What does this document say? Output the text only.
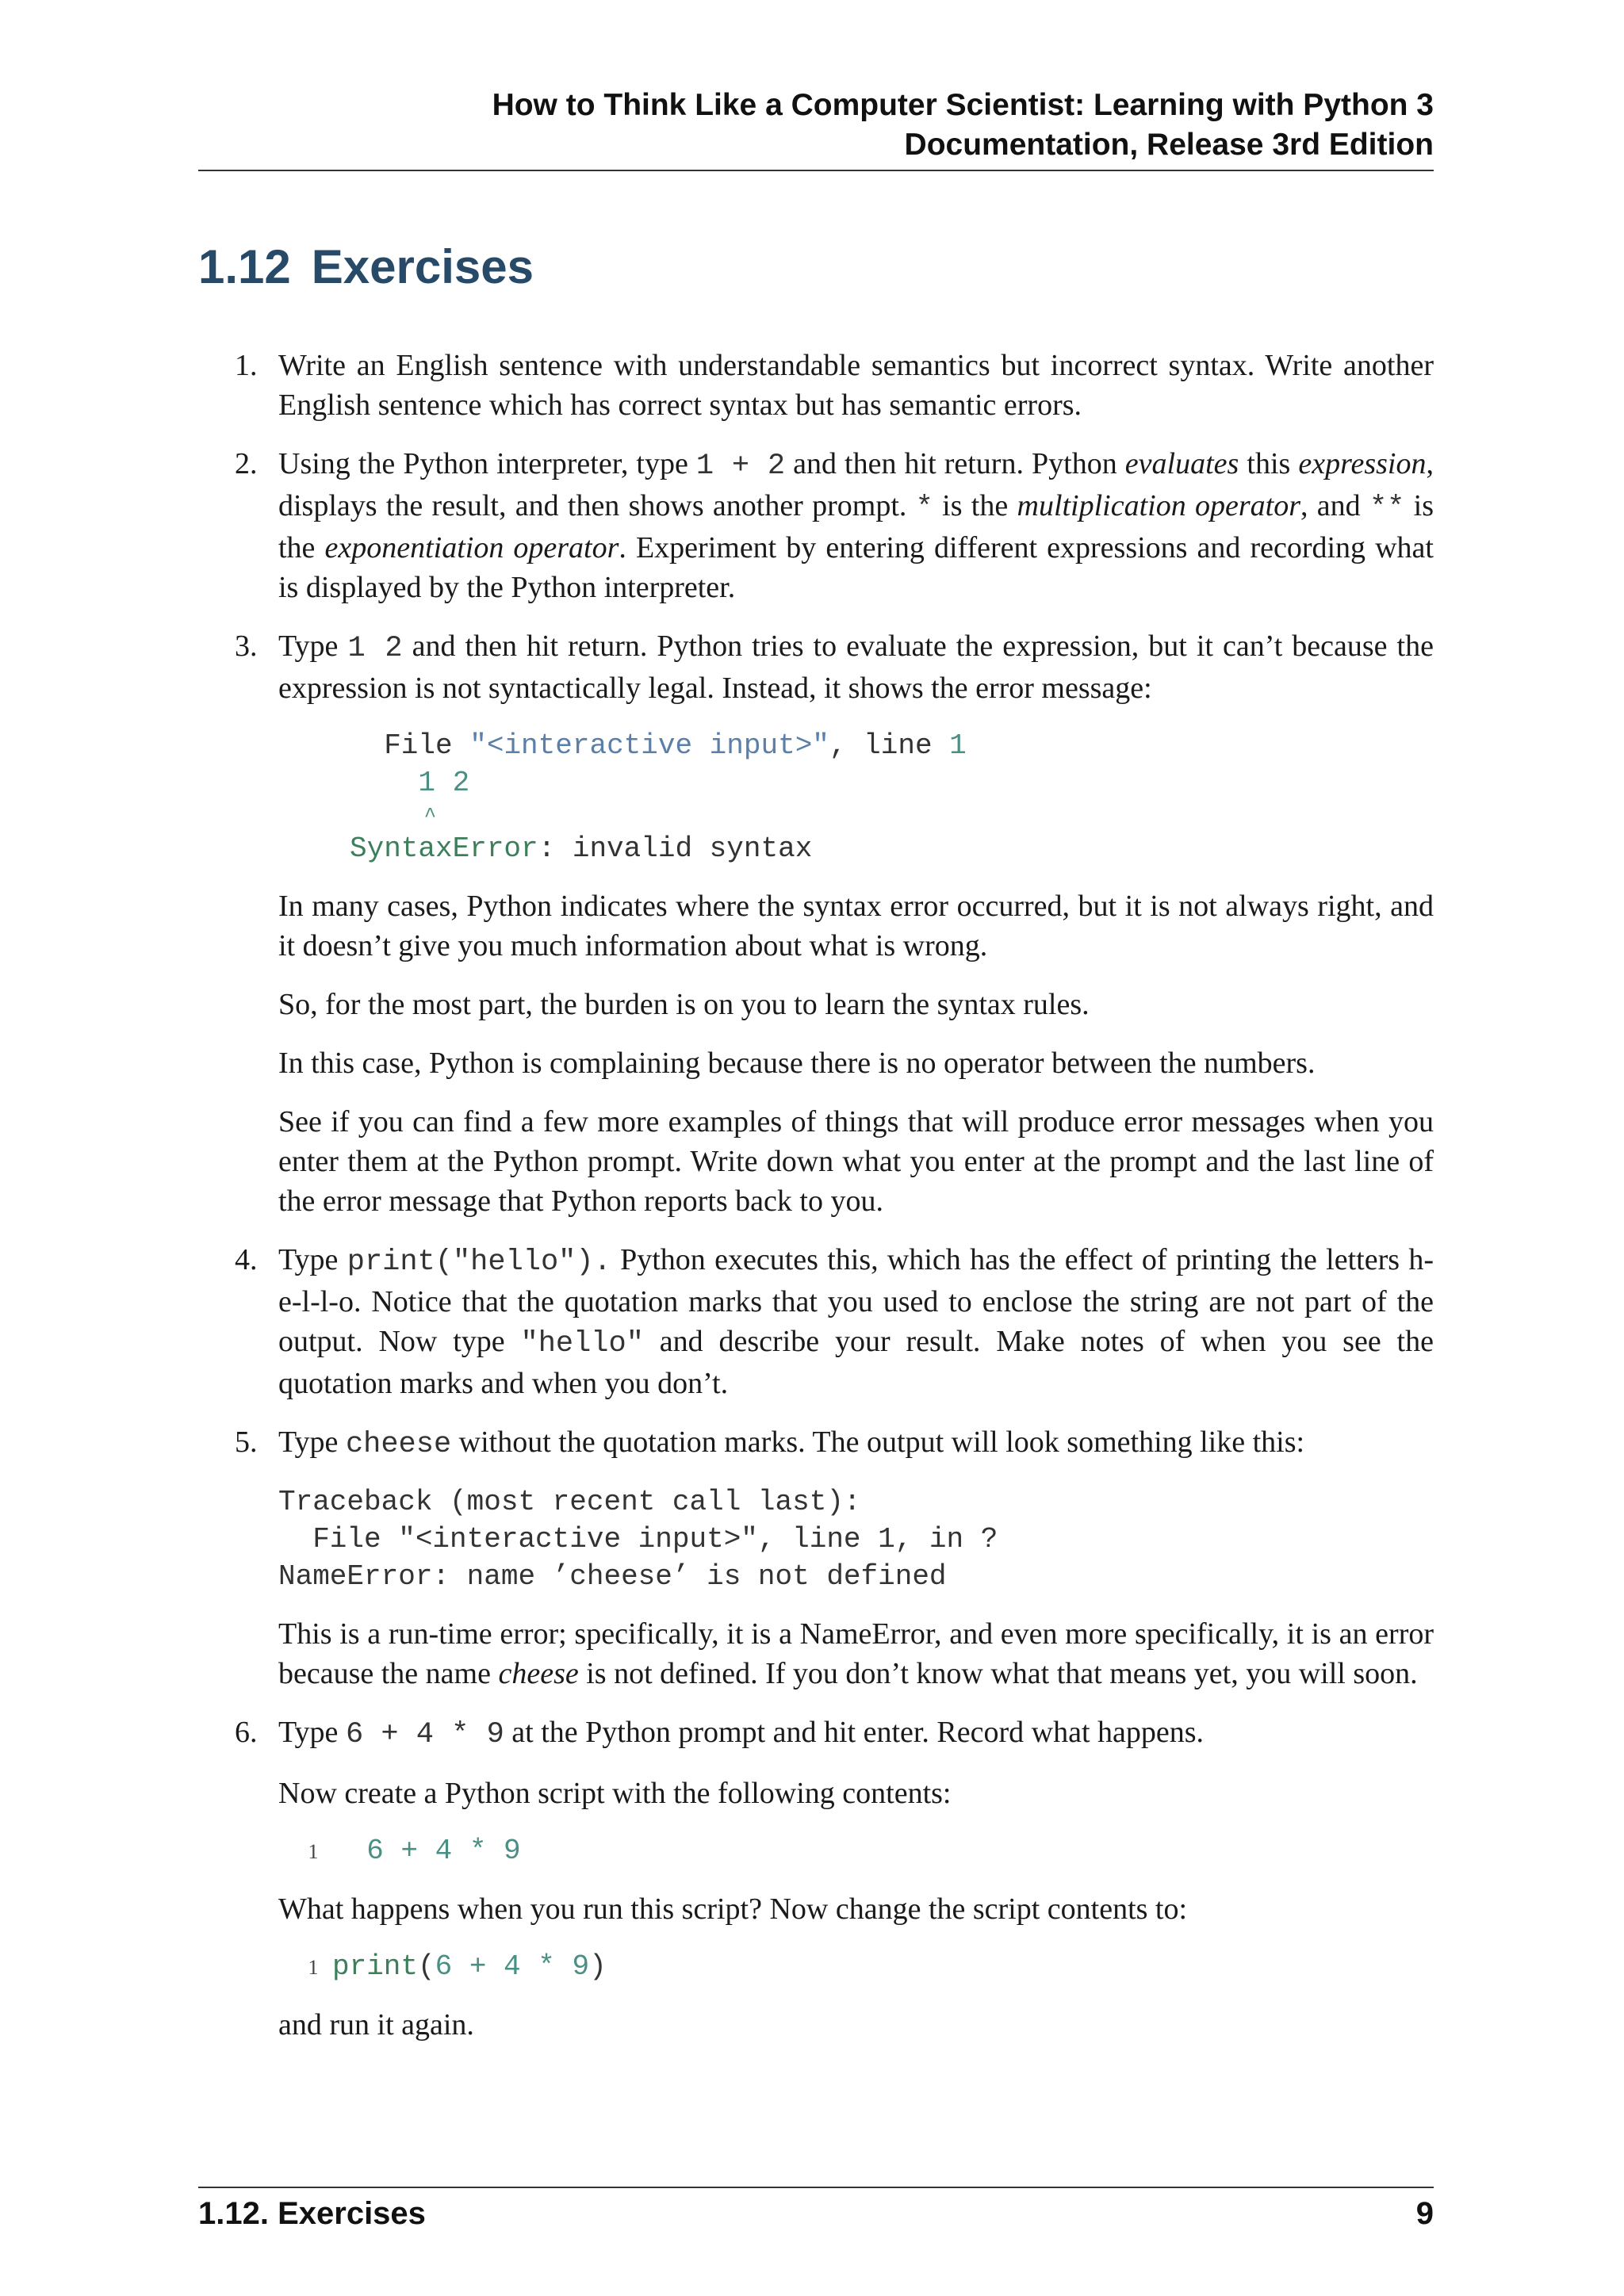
How to Think Like a Computer Scientist: Learning with Python 3
Documentation, Release 3rd Edition
1.12 Exercises
1. Write an English sentence with understandable semantics but incorrect syntax. Write another English sentence which has correct syntax but has semantic errors.

2. Using the Python interpreter, type 1 + 2 and then hit return. Python evaluates this expression, displays the result, and then shows another prompt. * is the multiplication operator, and ** is the exponentiation operator. Experiment by entering different expressions and recording what is displayed by the Python interpreter.

3. Type 1 2 and then hit return. Python tries to evaluate the expression, but it can’t because the expression is not syntactically legal. Instead, it shows the error message:

File "<interactive input>", line 1
1 2
^
SyntaxError: invalid syntax

In many cases, Python indicates where the syntax error occurred, but it is not always right, and it doesn’t give you much information about what is wrong.

So, for the most part, the burden is on you to learn the syntax rules.

In this case, Python is complaining because there is no operator between the numbers.

See if you can find a few more examples of things that will produce error messages when you enter them at the Python prompt. Write down what you enter at the prompt and the last line of the error message that Python reports back to you.

4. Type print("hello"). Python executes this, which has the effect of printing the letters h-e-l-l-o. Notice that the quotation marks that you used to enclose the string are not part of the output. Now type "hello" and describe your result. Make notes of when you see the quotation marks and when you don’t.

5. Type cheese without the quotation marks. The output will look something like this:

Traceback (most recent call last):
File "<interactive input>", line 1, in ?
NameError: name ’cheese’ is not defined

This is a run-time error; specifically, it is a NameError, and even more specifically, it is an error because the name cheese is not defined. If you don’t know what that means yet, you will soon.

6. Type 6 + 4 * 9 at the Python prompt and hit enter. Record what happens.

Now create a Python script with the following contents:

1  6 + 4 * 9

What happens when you run this script? Now change the script contents to:

1 print(6 + 4 * 9)

and run it again.

1.12. Exercises	9
